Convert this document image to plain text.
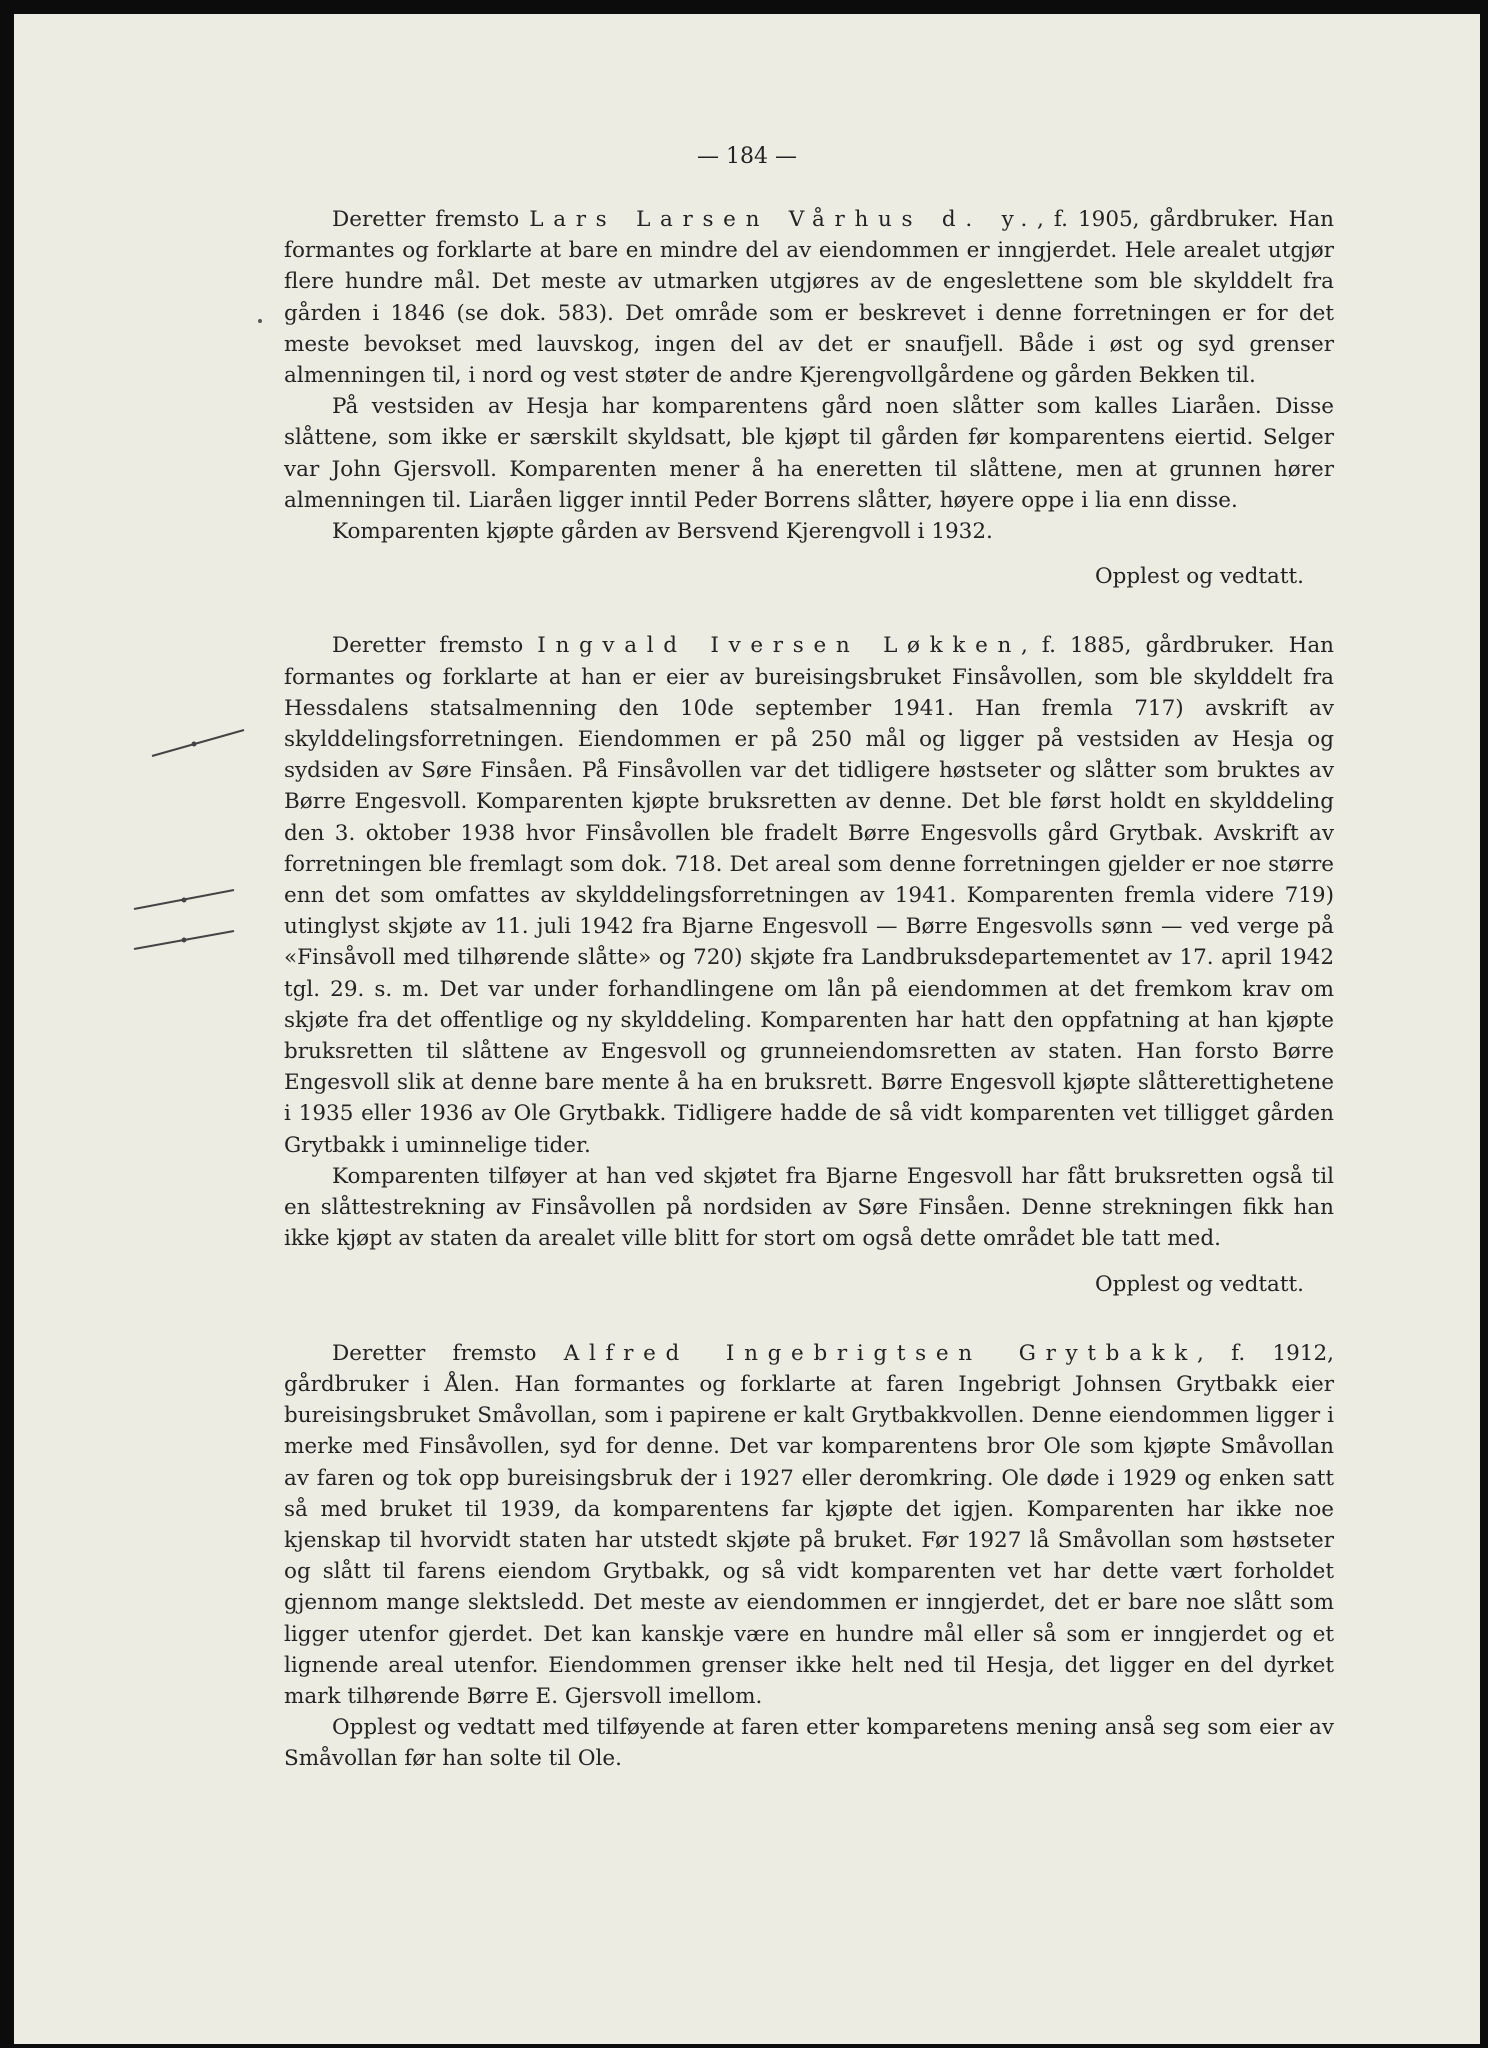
— 184 —

Deretter fremsto Lars Larsen Vårhus d. y., f. 1905, gårdbruker. Han formantes og forklarte at bare en mindre del av eiendommen er inngjerdet. Hele arealet utgjør flere hundre mål. Det meste av utmarken utgjøres av de engeslettene som ble skylddelt fra gården i 1846 (se dok. 583). Det område som er beskrevet i denne forretningen er for det meste bevokset med lauvskog, ingen del av det er snaufjell. Både i øst og syd grenser almenningen til, i nord og vest støter de andre Kjerengvollgårdene og gården Bekken til.

På vestsiden av Hesja har komparentens gård noen slåtter som kalles Liaråen. Disse slåttene, som ikke er særskilt skyldsatt, ble kjøpt til gården før komparentens eiertid. Selger var John Gjersvoll. Komparenten mener å ha eneretten til slåttene, men at grunnen hører almenningen til. Liaråen ligger inntil Peder Borrens slåtter, høyere oppe i lia enn disse.

Komparenten kjøpte gården av Bersvend Kjerengvoll i 1932.

Opplest og vedtatt.

Deretter fremsto Ingvald Iversen Løkken, f. 1885, gårdbruker. Han formantes og forklarte at han er eier av bureisingsbruket Finsåvollen, som ble skylddelt fra Hessdalens statsalmenning den 10de september 1941. Han fremla 717) avskrift av skylddelingsforretningen. Eiendommen er på 250 mål og ligger på vestsiden av Hesja og sydsiden av Søre Finsåen. På Finsåvollen var det tidligere høstseter og slåtter som bruktes av Børre Engesvoll. Komparenten kjøpte bruksretten av denne. Det ble først holdt en skylddeling den 3. oktober 1938 hvor Finsåvollen ble fradelt Børre Engesvolls gård Grytbak. Avskrift av forretningen ble fremlagt som dok. 718. Det areal som denne forretningen gjelder er noe større enn det som omfattes av skylddelingsforretningen av 1941. Komparenten fremla videre 719) utinglyst skjøte av 11. juli 1942 fra Bjarne Engesvoll — Børre Engesvolls sønn — ved verge på «Finsåvoll med tilhørende slåtte» og 720) skjøte fra Landbruksdepartementet av 17. april 1942 tgl. 29. s. m. Det var under forhandlingene om lån på eiendommen at det fremkom krav om skjøte fra det offentlige og ny skylddeling. Komparenten har hatt den oppfatning at han kjøpte bruksretten til slåttene av Engesvoll og grunneiendomsretten av staten. Han forsto Børre Engesvoll slik at denne bare mente å ha en bruksrett. Børre Engesvoll kjøpte slåtterettighetene i 1935 eller 1936 av Ole Grytbakk. Tidligere hadde de så vidt komparenten vet tilligget gården Grytbakk i uminnelige tider.

Komparenten tilføyer at han ved skjøtet fra Bjarne Engesvoll har fått bruksretten også til en slåttestrekning av Finsåvollen på nordsiden av Søre Finsåen. Denne strekningen fikk han ikke kjøpt av staten da arealet ville blitt for stort om også dette området ble tatt med.

Opplest og vedtatt.

Deretter fremsto Alfred Ingebrigtsen Grytbakk, f. 1912, gårdbruker i Ålen. Han formantes og forklarte at faren Ingebrigt Johnsen Grytbakk eier bureisingsbruket Småvollan, som i papirene er kalt Grytbakkvollen. Denne eiendommen ligger i merke med Finsåvollen, syd for denne. Det var komparentens bror Ole som kjøpte Småvollan av faren og tok opp bureisingsbruk der i 1927 eller deromkring. Ole døde i 1929 og enken satt så med bruket til 1939, da komparentens far kjøpte det igjen. Komparenten har ikke noe kjenskap til hvorvidt staten har utstedt skjøte på bruket. Før 1927 lå Småvollan som høstseter og slått til farens eiendom Grytbakk, og så vidt komparenten vet har dette vært forholdet gjennom mange slektsledd. Det meste av eiendommen er inngjerdet, det er bare noe slått som ligger utenfor gjerdet. Det kan kanskje være en hundre mål eller så som er inngjerdet og et lignende areal utenfor. Eiendommen grenser ikke helt ned til Hesja, det ligger en del dyrket mark tilhørende Børre E. Gjersvoll imellom.

Opplest og vedtatt med tilføyende at faren etter komparetens mening anså seg som eier av Småvollan før han solte til Ole.
